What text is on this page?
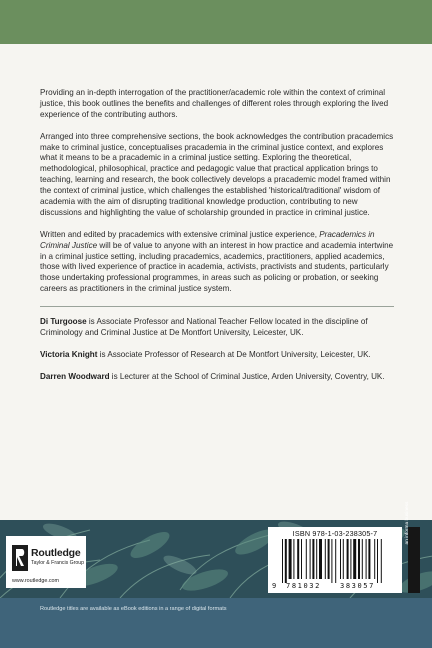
Providing an in-depth interrogation of the practitioner/academic role within the context of criminal justice, this book outlines the benefits and challenges of different roles through exploring the lived experience of the contributing authors.

Arranged into three comprehensive sections, the book acknowledges the contribution pracademics make to criminal justice, conceptualises pracademia in the criminal justice context, and explores what it means to be a pracademic in a criminal justice setting. Exploring the theoretical, methodological, philosophical, practice and pedagogic value that practical application brings to teaching, learning and research, the book collectively develops a pracademic model framed within the context of criminal justice, which challenges the established 'historical/traditional' wisdom of academia with the aim of disrupting traditional knowledge production, contributing to new discussions and highlighting the value of scholarship grounded in practice in criminal justice.

Written and edited by pracademics with extensive criminal justice experience, Pracademics in Criminal Justice will be of value to anyone with an interest in how practice and academia intertwine in a criminal justice setting, including pracademics, academics, practitioners, applied academics, those with lived experience of practice in academia, activists, practivists and students, particularly those undertaking professional programmes, in areas such as policing or probation, or seeking careers as practitioners in the criminal justice system.

Di Turgoose is Associate Professor and National Teacher Fellow located in the discipline of Criminology and Criminal Justice at De Montfort University, Leicester, UK.

Victoria Knight is Associate Professor of Research at De Montfort University, Leicester, UK.

Darren Woodward is Lecturer at the School of Criminal Justice, Arden University, Coventry, UK.

Routledge
Taylor & Francis Group
www.routledge.com
ISBN 978-1-03-238305-7
9 781032	383057
an informa business
Routledge titles are available as eBook editions in a range of digital formats
